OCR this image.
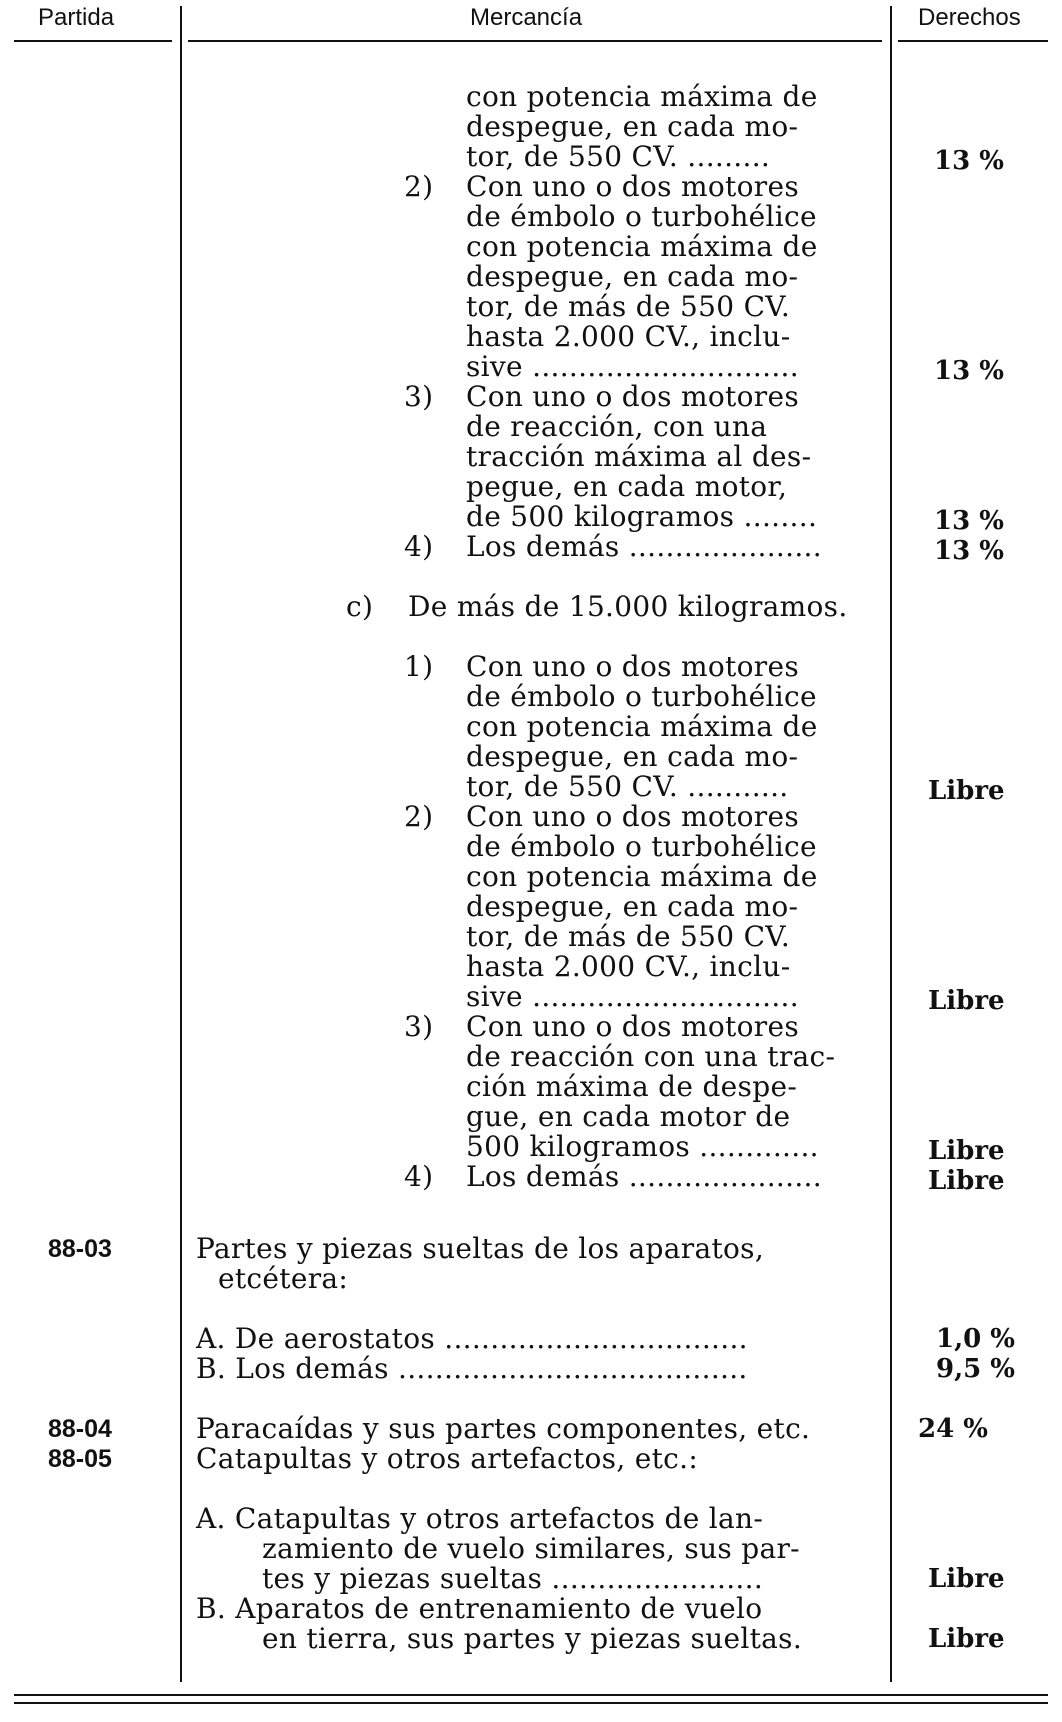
Partida	Mercancía	Derechos
con potencia máxima de
despegue, en cada mo-
tor, de 550 CV. .........
2) Con uno o dos motores
de émbolo o turbohélice
con potencia máxima de
despegue, en cada mo-
tor, de más de 550 CV.
hasta 2.000 CV., inclu-
sive .............................
3) Con uno o dos motores
de reacción, con una
tracción máxima al des-
pegue, en cada motor,
de 500 kilogramos ........
4) Los demás .....................
c) De más de 15.000 kilogramos.
1) Con uno o dos motores
de émbolo o turbohélice
con potencia máxima de
despegue, en cada mo-
tor, de 550 CV. ...........
2) Con uno o dos motores
de émbolo o turbohélice
con potencia máxima de
despegue, en cada mo-
tor, de más de 550 CV.
hasta 2.000 CV., inclu-
sive .............................
3) Con uno o dos motores
de reacción con una trac-
ción máxima de despe-
gue, en cada motor de
500 kilogramos .............
4) Los demás .....................
Partes y piezas sueltas de los aparatos,
etcétera:
A. De aerostatos .................................
B. Los demás ......................................
Paracaídas y sus partes componentes, etc.
Catapultas y otros artefactos, etc.:
A. Catapultas y otros artefactos de lan-
zamiento de vuelo similares, sus par-
tes y piezas sueltas .......................
B. Aparatos de entrenamiento de vuelo
en tierra, sus partes y piezas sueltas.
88-03
88-04
88-05
13 %
13 %
13 %
13 %
Libre
Libre
Libre
Libre
1,0 %
9,5 %
24 %
Libre
Libre
